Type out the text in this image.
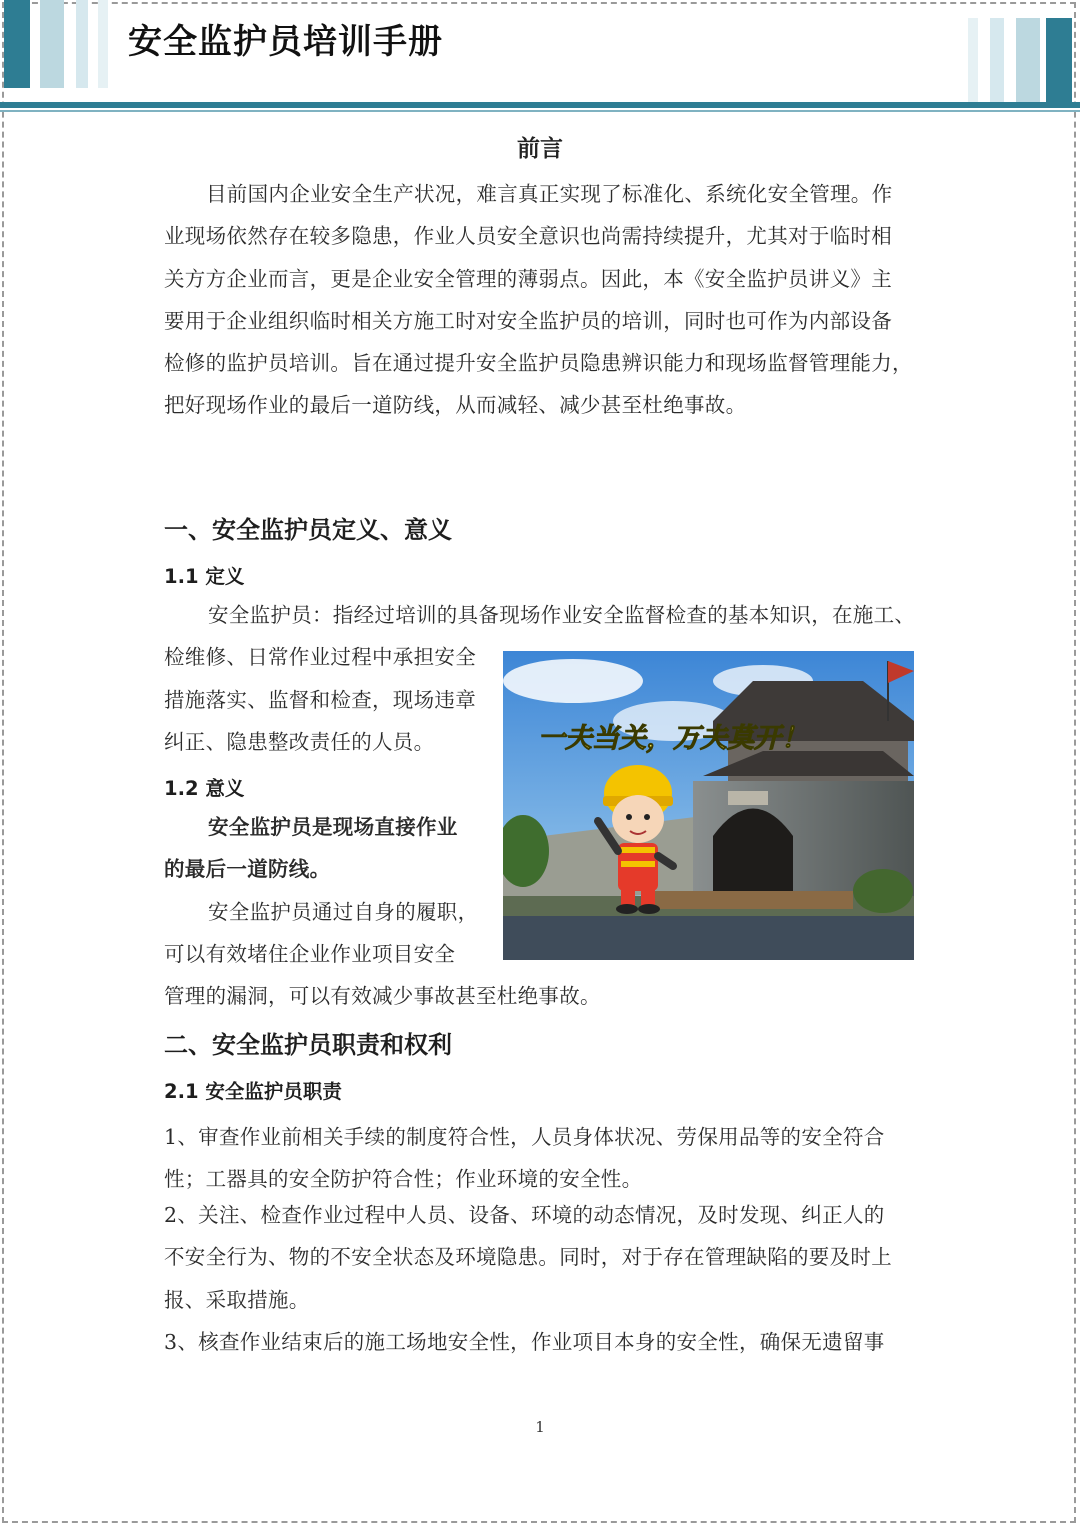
安全监护员培训手册
前言
目前国内企业安全生产状况，难言真正实现了标准化、系统化安全管理。作
业现场依然存在较多隐患，作业人员安全意识也尚需持续提升，尤其对于临时相
关方方企业而言，更是企业安全管理的薄弱点。因此，本《安全监护员讲义》主
要用于企业组织临时相关方施工时对安全监护员的培训，同时也可作为内部设备
检修的监护员培训。旨在通过提升安全监护员隐患辨识能力和现场监督管理能力，
把好现场作业的最后一道防线，从而减轻、减少甚至杜绝事故。
一、安全监护员定义、意义
1.1 定义
安全监护员：指经过培训的具备现场作业安全监督检查的基本知识，在施工、
检维修、日常作业过程中承担安全
措施落实、监督和检查，现场违章
纠正、隐患整改责任的人员。
1.2 意义
安全监护员是现场直接作业
的最后一道防线。
安全监护员通过自身的履职，
可以有效堵住企业作业项目安全
管理的漏洞，可以有效减少事故甚至杜绝事故。
一夫当关，万夫莫开！
二、安全监护员职责和权利
2.1 安全监护员职责
1、审查作业前相关手续的制度符合性，人员身体状况、劳保用品等的安全符合
性；工器具的安全防护符合性；作业环境的安全性。
2、关注、检查作业过程中人员、设备、环境的动态情况，及时发现、纠正人的
不安全行为、物的不安全状态及环境隐患。同时，对于存在管理缺陷的要及时上
报、采取措施。
3、核查作业结束后的施工场地安全性，作业项目本身的安全性，确保无遗留事

1
